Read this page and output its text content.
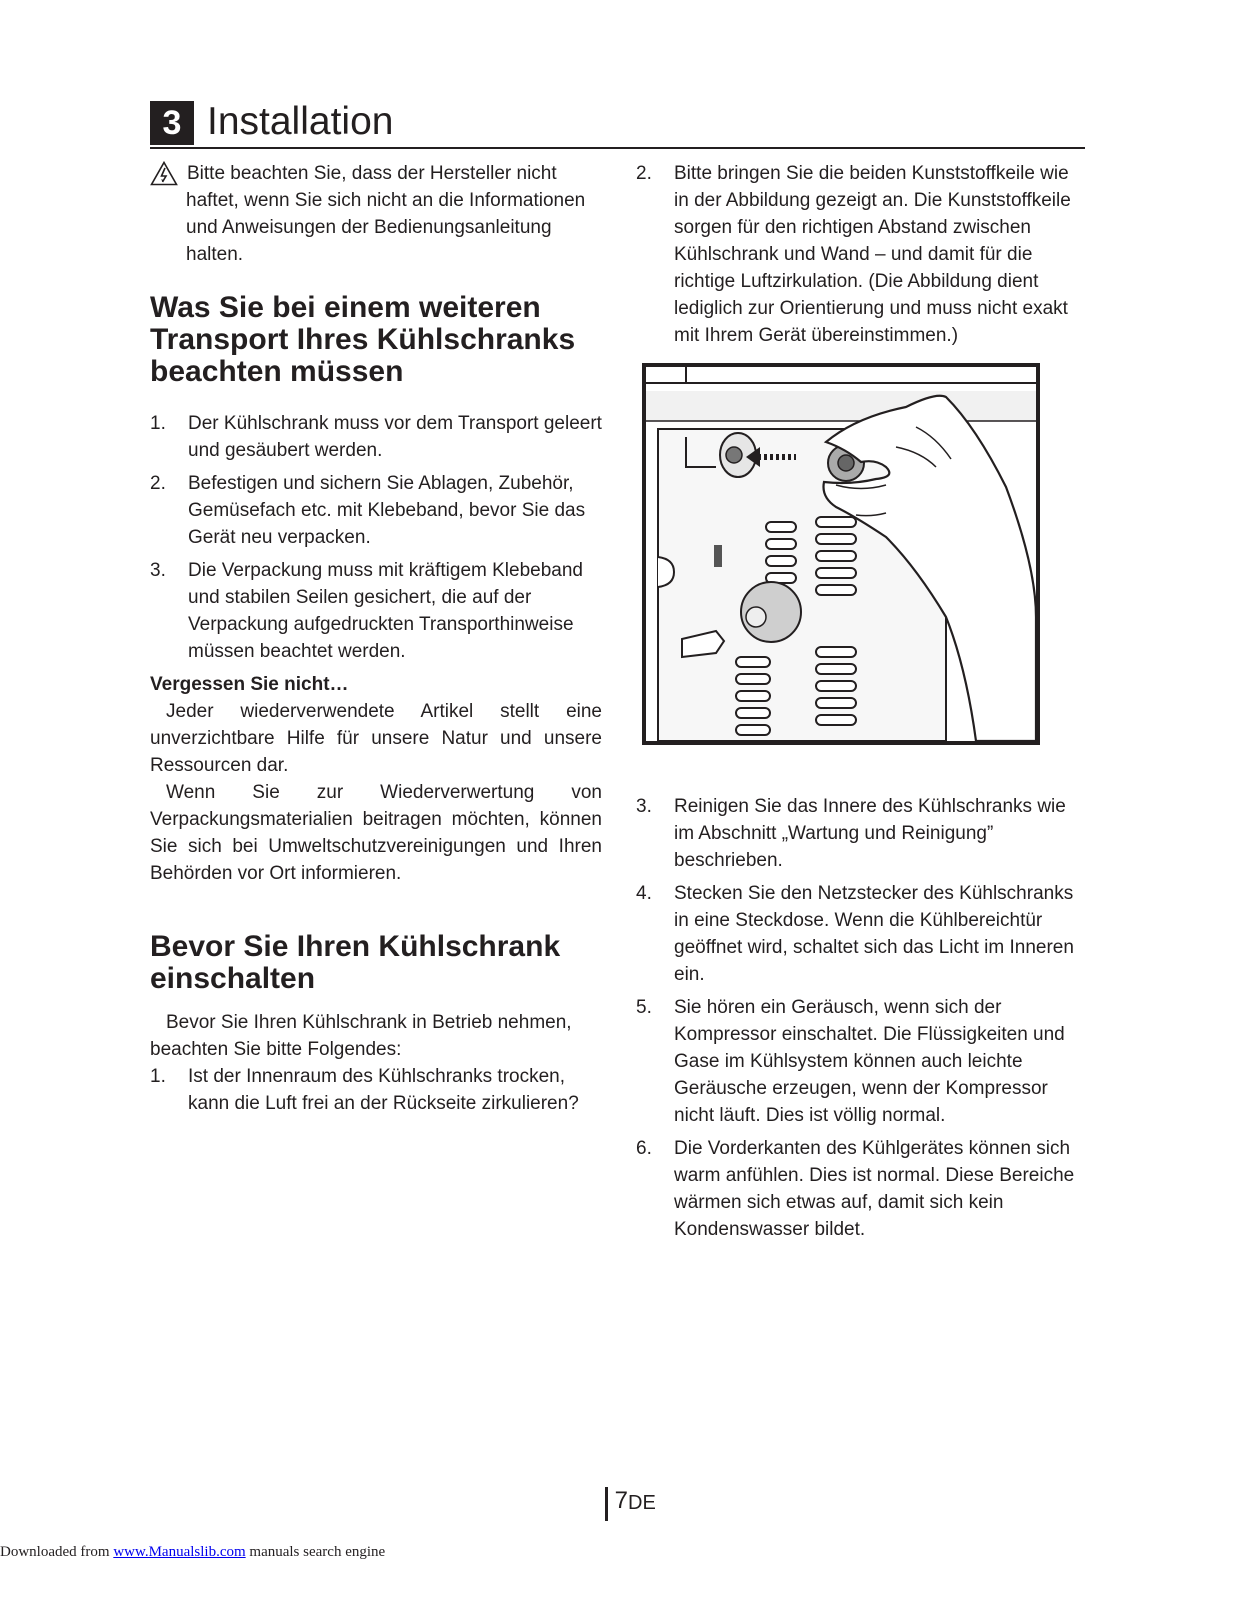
3 Installation
Bitte beachten Sie, dass der Hersteller nicht
haftet, wenn Sie sich nicht an die Informationen
und Anweisungen der Bedienungsanleitung
halten.
Was Sie bei einem weiteren Transport Ihres Kühlschranks beachten müssen
1. Der Kühlschrank muss vor dem Transport geleert und gesäubert werden.
2. Befestigen und sichern Sie Ablagen, Zubehör, Gemüsefach etc. mit Klebeband, bevor Sie das Gerät neu verpacken.
3. Die Verpackung muss mit kräftigem Klebeband und stabilen Seilen gesichert, die auf der Verpackung aufgedruckten Transporthinweise müssen beachtet werden.
Vergessen Sie nicht…

Jeder wiederverwendete Artikel stellt eine unverzichtbare Hilfe für unsere Natur und unsere Ressourcen dar.

Wenn Sie zur Wiederverwertung von Verpackungsmaterialien beitragen möchten, können Sie sich bei Umweltschutzvereinigungen und Ihren Behörden vor Ort informieren.

Bevor Sie Ihren Kühlschrank einschalten

Bevor Sie Ihren Kühlschrank in Betrieb nehmen, beachten Sie bitte Folgendes:

1. Ist der Innenraum des Kühlschranks trocken, kann die Luft frei an der Rückseite zirkulieren?
2. Bitte bringen Sie die beiden Kunststoffkeile wie in der Abbildung gezeigt an. Die Kunststoffkeile sorgen für den richtigen Abstand zwischen Kühlschrank und Wand – und damit für die richtige Luftzirkulation. (Die Abbildung dient lediglich zur Orientierung und muss nicht exakt mit Ihrem Gerät übereinstimmen.)
3. Reinigen Sie das Innere des Kühlschranks wie im Abschnitt „Wartung und Reinigung” beschrieben.
4. Stecken Sie den Netzstecker des Kühlschranks in eine Steckdose. Wenn die Kühlbereichtür geöffnet wird, schaltet sich das Licht im Inneren ein.
5. Sie hören ein Geräusch, wenn sich der Kompressor einschaltet. Die Flüssigkeiten und Gase im Kühlsystem können auch leichte Geräusche erzeugen, wenn der Kompressor nicht läuft. Dies ist völlig normal.
6. Die Vorderkanten des Kühlgerätes können sich warm anfühlen. Dies ist normal. Diese Bereiche wärmen sich etwas auf, damit sich kein Kondenswasser bildet.
7 DE
Downloaded from www.Manualslib.com manuals search engine
